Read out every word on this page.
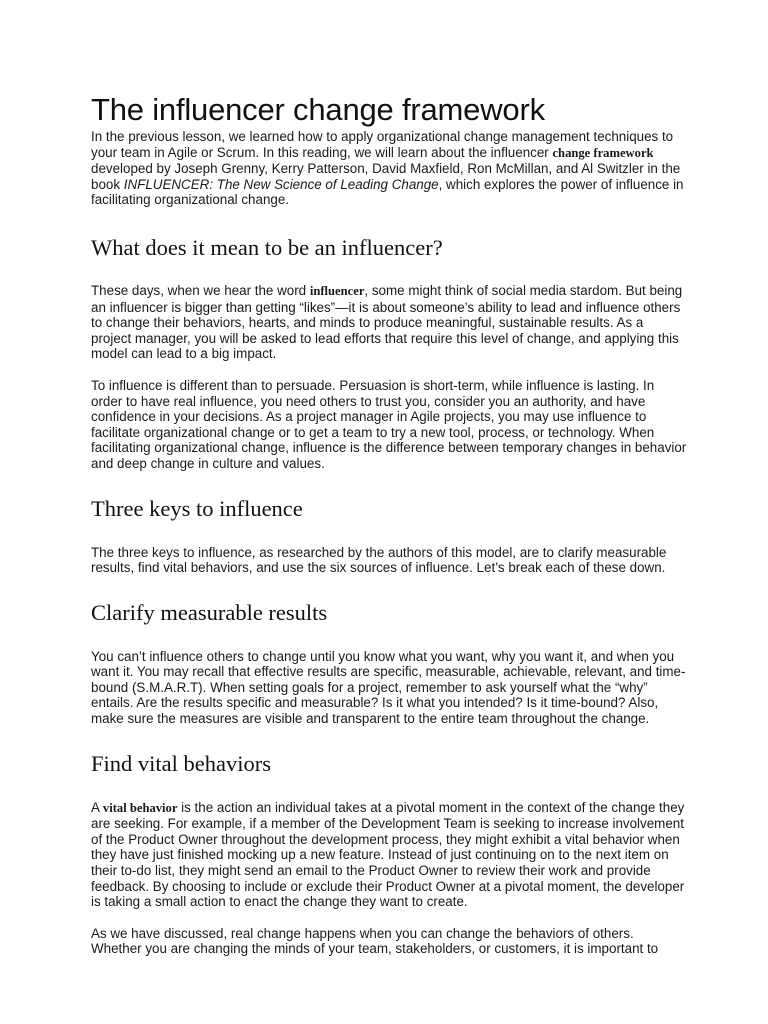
The influencer change framework

In the previous lesson, we learned how to apply organizational change management techniques to your team in Agile or Scrum. In this reading, we will learn about the influencer change framework developed by Joseph Grenny, Kerry Patterson, David Maxfield, Ron McMillan, and Al Switzler in the book INFLUENCER: The New Science of Leading Change, which explores the power of influence in facilitating organizational change.

What does it mean to be an influencer?

These days, when we hear the word influencer, some might think of social media stardom. But being an influencer is bigger than getting “likes”—it is about someone’s ability to lead and influence others to change their behaviors, hearts, and minds to produce meaningful, sustainable results. As a project manager, you will be asked to lead efforts that require this level of change, and applying this model can lead to a big impact.

To influence is different than to persuade. Persuasion is short-term, while influence is lasting. In order to have real influence, you need others to trust you, consider you an authority, and have confidence in your decisions. As a project manager in Agile projects, you may use influence to facilitate organizational change or to get a team to try a new tool, process, or technology. When facilitating organizational change, influence is the difference between temporary changes in behavior and deep change in culture and values.

Three keys to influence

The three keys to influence, as researched by the authors of this model, are to clarify measurable results, find vital behaviors, and use the six sources of influence. Let’s break each of these down.

Clarify measurable results

You can’t influence others to change until you know what you want, why you want it, and when you want it. You may recall that effective results are specific, measurable, achievable, relevant, and time-bound (S.M.A.R.T). When setting goals for a project, remember to ask yourself what the “why” entails. Are the results specific and measurable? Is it what you intended? Is it time-bound? Also, make sure the measures are visible and transparent to the entire team throughout the change.

Find vital behaviors

A vital behavior is the action an individual takes at a pivotal moment in the context of the change they are seeking. For example, if a member of the Development Team is seeking to increase involvement of the Product Owner throughout the development process, they might exhibit a vital behavior when they have just finished mocking up a new feature. Instead of just continuing on to the next item on their to-do list, they might send an email to the Product Owner to review their work and provide feedback. By choosing to include or exclude their Product Owner at a pivotal moment, the developer is taking a small action to enact the change they want to create.

As we have discussed, real change happens when you can change the behaviors of others. Whether you are changing the minds of your team, stakeholders, or customers, it is important to
